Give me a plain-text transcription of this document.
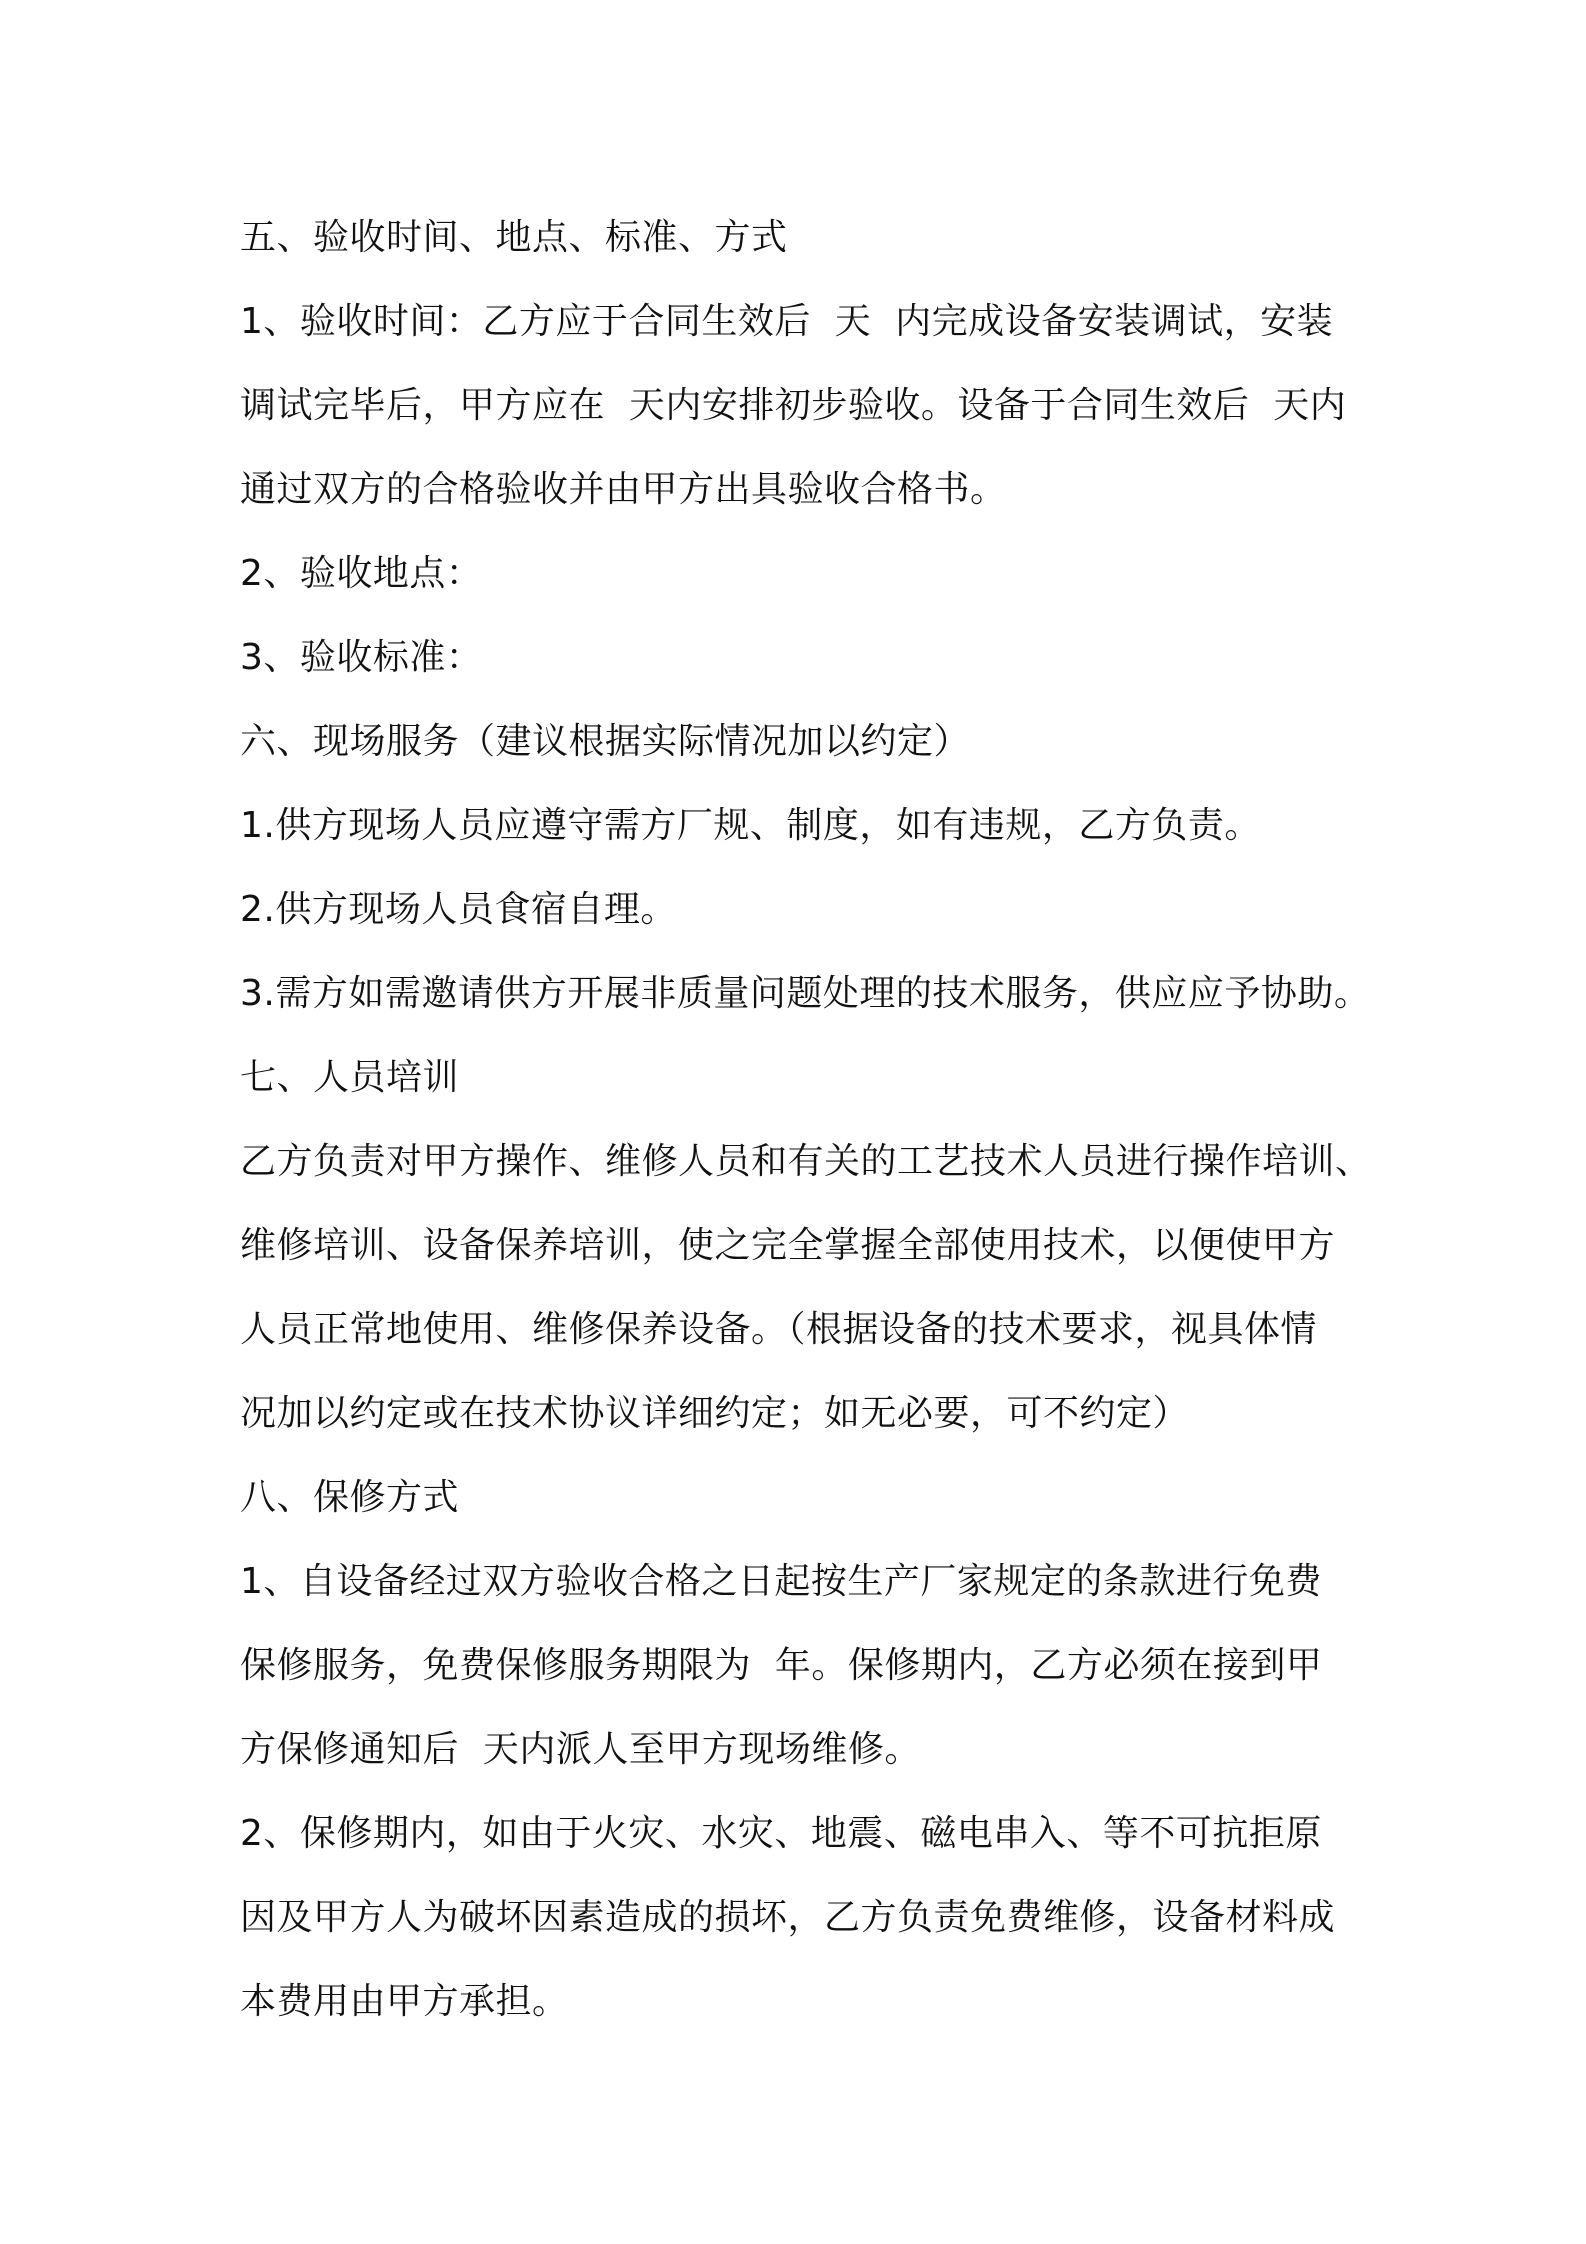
五、验收时间、地点、标准、方式
1、验收时间：乙方应于合同生效后  天  内完成设备安装调试，安装
调试完毕后，甲方应在  天内安排初步验收。设备于合同生效后  天内
通过双方的合格验收并由甲方出具验收合格书。
2、验收地点：
3、验收标准：
六、现场服务（建议根据实际情况加以约定）
1.供方现场人员应遵守需方厂规、制度，如有违规，乙方负责。
2.供方现场人员食宿自理。
3.需方如需邀请供方开展非质量问题处理的技术服务，供应应予协助。
七、人员培训
乙方负责对甲方操作、维修人员和有关的工艺技术人员进行操作培训、
维修培训、设备保养培训，使之完全掌握全部使用技术，以便使甲方
人员正常地使用、维修保养设备。（根据设备的技术要求，视具体情
况加以约定或在技术协议详细约定；如无必要，可不约定）
八、保修方式
1、自设备经过双方验收合格之日起按生产厂家规定的条款进行免费
保修服务，免费保修服务期限为  年。保修期内，乙方必须在接到甲
方保修通知后  天内派人至甲方现场维修。
2、保修期内，如由于火灾、水灾、地震、磁电串入、等不可抗拒原
因及甲方人为破坏因素造成的损坏，乙方负责免费维修，设备材料成
本费用由甲方承担。
